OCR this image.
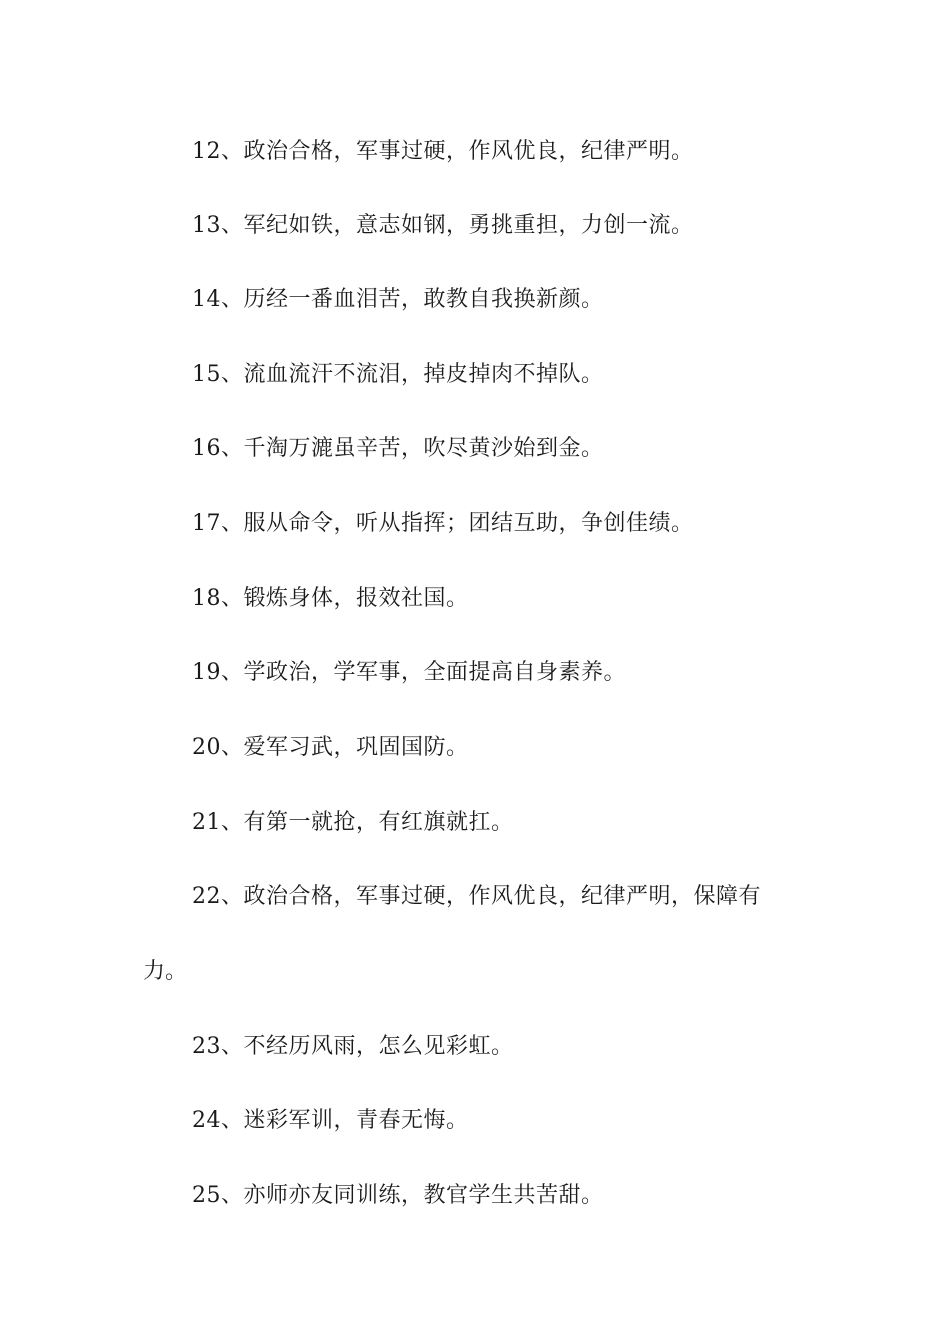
12、政治合格，军事过硬，作风优良，纪律严明。
13、军纪如铁，意志如钢，勇挑重担，力创一流。
14、历经一番血泪苦，敢教自我换新颜。
15、流血流汗不流泪，掉皮掉肉不掉队。
16、千淘万漉虽辛苦，吹尽黄沙始到金。
17、服从命令，听从指挥；团结互助，争创佳绩。
18、锻炼身体，报效社国。
19、学政治，学军事，全面提高自身素养。
20、爱军习武，巩固国防。
21、有第一就抢，有红旗就扛。
22、政治合格，军事过硬，作风优良，纪律严明，保障有
力。
23、不经历风雨，怎么见彩虹。
24、迷彩军训，青春无悔。
25、亦师亦友同训练，教官学生共苦甜。
